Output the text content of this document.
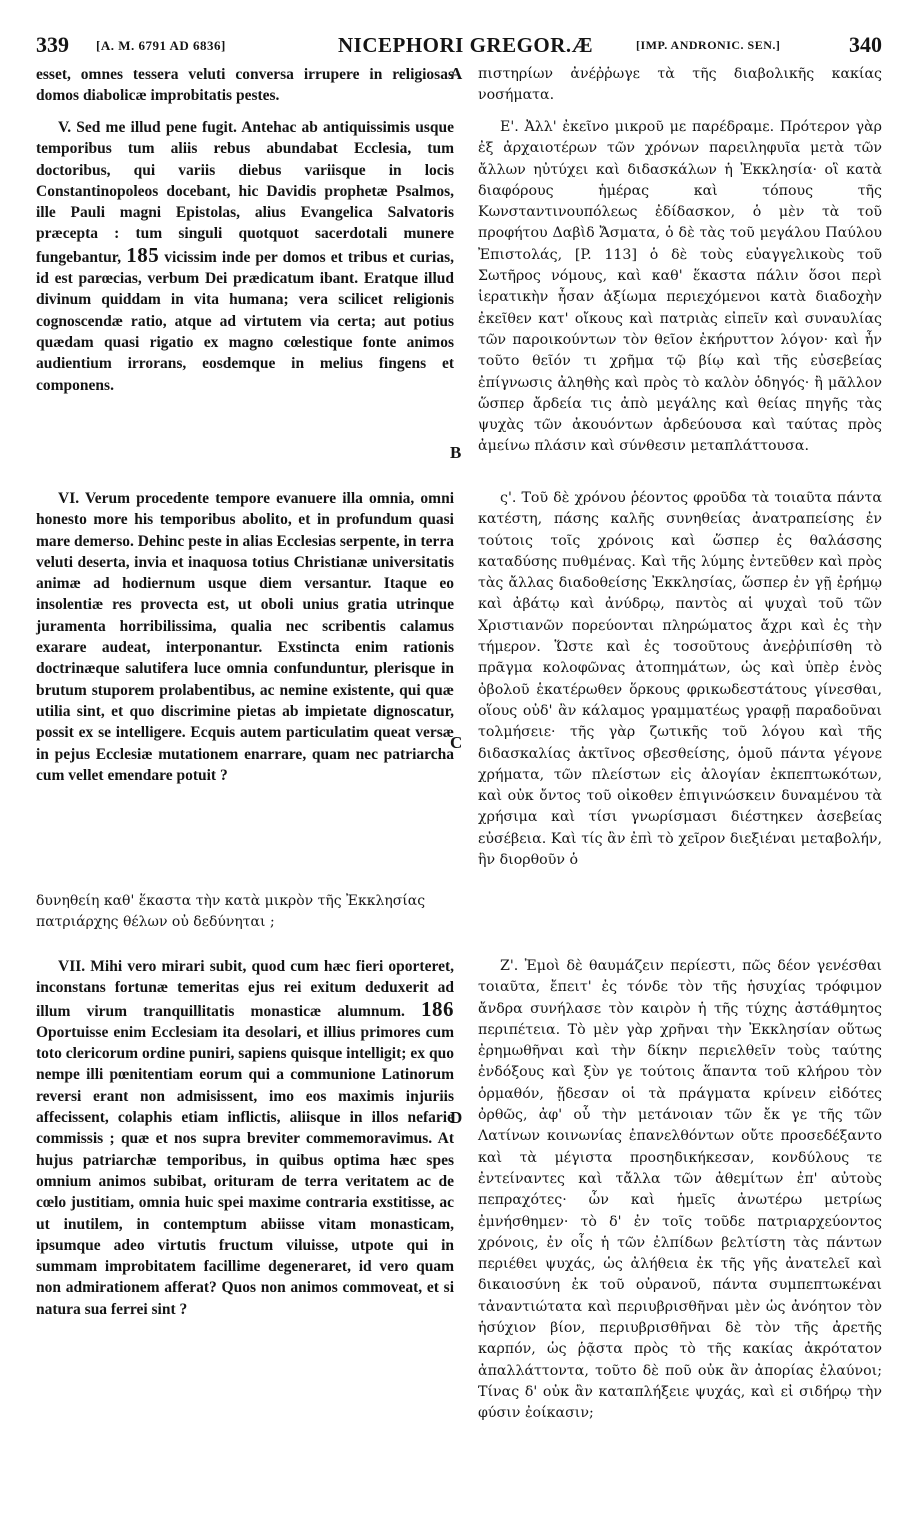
339 [A. M. 6791 AD 6836]	NICEPHORI GREGOR.Æ	[IMP. ANDRONIC. SEN.]	340

esset, omnes tessera veluti conversa irrupere in religiosas domos diabolicæ improbitatis pestes.

V. Sed me illud pene fugit. Antehac ab antiquissimis usque temporibus tum aliis rebus abundabat Ecclesia, tum doctoribus, qui variis diebus variisque in locis Constantinopoleos docebant, hic Davidis prophetæ Psalmos, ille Pauli magni Epistolas, alius Evangelica Salvatoris præcepta : tum singuli quotquot sacerdotali munere fungebantur, 185 vicissim inde per domos et tribus et curias, id est parœcias, verbum Dei prædicatum ibant. Eratque illud divinum quiddam in vita humana; vera scilicet religionis cognoscendæ ratio, atque ad virtutem via certa; aut potius quædam quasi rigatio ex magno cœlestique fonte animos audientium irrorans, eosdemque in melius fingens et componens.

VI. Verum procedente tempore evanuere illa omnia, omni honesto more his temporibus abolito, et in profundum quasi mare demerso. Dehinc peste in alias Ecclesias serpente, in terra veluti deserta, invia et inaquosa totius Christianæ universitatis animæ ad hodiernum usque diem versantur. Itaque eo insolentiæ res provecta est, ut oboli unius gratia utrinque juramenta horribilissima, qualia nec scribentis calamus exarare audeat, interponantur. Exstincta enim rationis doctrinæque salutifera luce omnia confunduntur, plerisque in brutum stuporem prolabentibus, ac nemine existente, qui quæ utilia sint, et quo discrimine pietas ab impietate dignoscatur, possit ex se intelligere. Ecquis autem particulatim queat versæ in pejus Ecclesiæ mutationem enarrare, quam nec patriarcha cum vellet emendare potuit ?

VII. Mihi vero mirari subit, quod cum hæc fieri oporteret, inconstans fortunæ temeritas ejus rei exitum deduxerit ad illum virum tranquillitatis monasticæ alumnum. 186 Oportuisse enim Ecclesiam ita desolari, et illius primores cum toto clericorum ordine puniri, sapiens quisque intelligit; ex quo nempe illi pœnitentiam eorum qui a communione Latinorum reversi erant non admisissent, imo eos maximis injuriis affecissent, colaphis etiam inflictis, aliisque in illos nefarie commissis ; quæ et nos supra breviter commemoravimus. At hujus patriarchæ temporibus, in quibus optima hæc spes omnium animos subibat, orituram de terra veritatem ac de cœlo justitiam, omnia huic spei maxime contraria exstitisse, ac ut inutilem, in contemptum abiisse vitam monasticam, ipsumque adeo virtutis fructum viluisse, utpote qui in summam improbitatem facillime degeneraret, id vero quam non admirationem afferat? Quos non animos commoveat, et si natura sua ferrei sint ?

δυνηθείη καθ' ἕκαστα τὴν κατὰ μικρὸν τῆς Ἐκκλησίας πατριάρχης θέλων οὐ δεδύνηται ;
A
B
C
D

πιστηρίων ἀνέῤῥωγε τὰ τῆς διαβολικῆς κακίας νοσήματα.

Ε'. Ἀλλ' ἐκεῖνο μικροῦ με παρέδραμε. Πρότερον γὰρ ἐξ ἀρχαιοτέρων τῶν χρόνων παρειληφυῖα μετὰ τῶν ἄλλων ηὐτύχει καὶ διδασκάλων ἡ Ἐκκλησία· οἳ κατὰ διαφόρους ἡμέρας καὶ τόπους τῆς Κωνσταντινουπόλεως ἐδίδασκον, ὁ μὲν τὰ τοῦ προφήτου Δαβὶδ Ἄσματα, ὁ δὲ τὰς τοῦ μεγάλου Παύλου Ἐπιστολάς, [P. 113] ὁ δὲ τοὺς εὐαγγελικοὺς τοῦ Σωτῆρος νόμους, καὶ καθ' ἕκαστα πάλιν ὅσοι περὶ ἱερατικὴν ἦσαν ἀξίωμα περιεχόμενοι κατὰ διαδοχὴν ἐκεῖθεν κατ' οἴκους καὶ πατριὰς εἰπεῖν καὶ συναυλίας τῶν παροικούντων τὸν θεῖον ἐκήρυττον λόγον· καὶ ἦν τοῦτο θεῖόν τι χρῆμα τῷ βίῳ καὶ τῆς εὐσεβείας ἐπίγνωσις ἀληθὴς καὶ πρὸς τὸ καλὸν ὁδηγός· ἢ μᾶλλον ὥσπερ ἄρδεία τις ἀπὸ μεγάλης καὶ θείας πηγῆς τὰς ψυχὰς τῶν ἀκουόντων ἀρδεύουσα καὶ ταύτας πρὸς ἀμείνω πλάσιν καὶ σύνθεσιν μεταπλάττουσα.

ς'. Τοῦ δὲ χρόνου ῥέοντος φροῦδα τὰ τοιαῦτα πάντα κατέστη, πάσης καλῆς συνηθείας ἀνατραπείσης ἐν τούτοις τοῖς χρόνοις καὶ ὥσπερ ἐς θαλάσσης καταδύσης πυθμένας. Καὶ τῆς λύμης ἐντεῦθεν καὶ πρὸς τὰς ἄλλας διαδοθείσης Ἐκκλησίας, ὥσπερ ἐν γῇ ἐρήμῳ καὶ ἀβάτῳ καὶ ἀνύδρῳ, παντὸς αἱ ψυχαὶ τοῦ τῶν Χριστιανῶν πορεύονται πληρώματος ἄχρι καὶ ἐς τὴν τήμερον. Ὥστε καὶ ἐς τοσοῦτους ἀνεῤῥιπίσθη τὸ πρᾶγμα κολοφῶνας ἀτοπημάτων, ὡς καὶ ὑπὲρ ἑνὸς ὀβολοῦ ἑκατέρωθεν ὅρκους φρικωδεστάτους γίνεσθαι, οἵους οὐδ' ἂν κάλαμος γραμματέως γραφῇ παραδοῦναι τολμήσειε· τῆς γὰρ ζωτικῆς τοῦ λόγου καὶ τῆς διδασκαλίας ἀκτῖνος σβεσθείσης, ὁμοῦ πάντα γέγονε χρήματα, τῶν πλείστων εἰς ἀλογίαν ἐκπεπτωκότων, καὶ οὐκ ὄντος τοῦ οἰκοθεν ἐπιγινώσκειν δυναμένου τὰ χρήσιμα καὶ τίσι γνωρίσμασι διέστηκεν ἀσεβείας εὐσέβεια. Καὶ τίς ἂν ἐπὶ τὸ χεῖρον διεξιέναι μεταβολήν, ἣν διορθοῦν ὁ

Ζ'. Ἐμοὶ δὲ θαυμάζειν περίεστι, πῶς δέον γενέσθαι τοιαῦτα, ἔπειτ' ἐς τόνδε τὸν τῆς ἡσυχίας τρόφιμον ἄνδρα συνήλασε τὸν καιρὸν ἡ τῆς τύχης ἀστάθμητος περιπέτεια. Τὸ μὲν γὰρ χρῆναι τὴν Ἐκκλησίαν οὕτως ἐρημωθῆναι καὶ τὴν δίκην περιελθεῖν τοὺς ταύτης ἐνδόξους καὶ ξὺν γε τούτοις ἅπαντα τοῦ κλήρου τὸν ὁρμαθόν, ᾔδεσαν οἱ τὰ πράγματα κρίνειν εἰδότες ὀρθῶς, ἀφ' οὗ τὴν μετάνοιαν τῶν ἔκ γε τῆς τῶν Λατίνων κοινωνίας ἐπανελθόντων οὔτε προσεδέξαντο καὶ τὰ μέγιστα προσηδικήκεσαν, κονδύλους τε ἐντείναντες καὶ τἄλλα τῶν ἀθεμίτων ἐπ' αὐτοὺς πεπραχότες· ὧν καὶ ἡμεῖς ἀνωτέρω μετρίως ἐμνήσθημεν· τὸ δ' ἐν τοῖς τοῦδε πατριαρχεύοντος χρόνοις, ἐν οἷς ἡ τῶν ἐλπίδων βελτίστη τὰς πάντων περιέθει ψυχάς, ὡς ἀλήθεια ἐκ τῆς γῆς ἀνατελεῖ καὶ δικαιοσύνη ἐκ τοῦ οὐρανοῦ, πάντα συμπεπτωκέναι τἀναντιώτατα καὶ περιυβρισθῆναι μὲν ὡς ἀνόητον τὸν ἡσύχιον βίον, περιυβρισθῆναι δὲ τὸν τῆς ἀρετῆς καρπόν, ὡς ῥᾷστα πρὸς τὸ τῆς κακίας ἀκρότατον ἀπαλλάττοντα, τοῦτο δὲ ποῦ οὐκ ἂν ἀπορίας ἐλαύνοι; Τίνας δ' οὐκ ἂν καταπλήξειε ψυχάς, καὶ εἰ σιδήρῳ τὴν φύσιν ἐοίκασιν;
